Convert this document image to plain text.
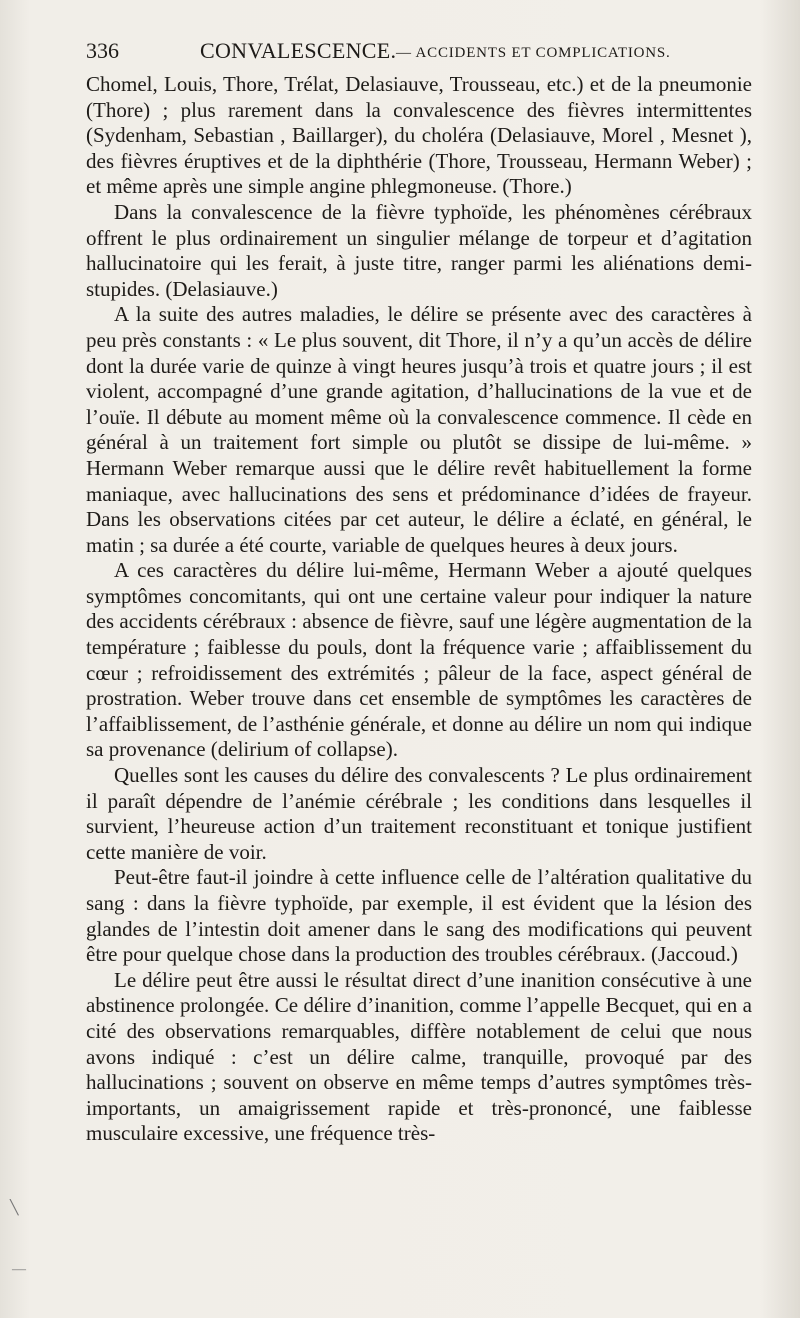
336	CONVALESCENCE. — ACCIDENTS ET COMPLICATIONS.

Chomel, Louis, Thore, Trélat, Delasiauve, Trousseau, etc.) et de la pneumonie (Thore) ; plus rarement dans la convalescence des fièvres intermittentes (Sydenham, Sebastian , Baillarger), du choléra (Delasiauve, Morel , Mesnet ), des fièvres éruptives et de la diphthérie (Thore, Trousseau, Hermann Weber) ; et même après une simple angine phlegmoneuse. (Thore.)

Dans la convalescence de la fièvre typhoïde, les phénomènes cérébraux offrent le plus ordinairement un singulier mélange de torpeur et d’agitation hallucinatoire qui les ferait, à juste titre, ranger parmi les aliénations demi-stupides. (Delasiauve.)

A la suite des autres maladies, le délire se présente avec des caractères à peu près constants : « Le plus souvent, dit Thore, il n’y a qu’un accès de délire dont la durée varie de quinze à vingt heures jusqu’à trois et quatre jours ; il est violent, accompagné d’une grande agitation, d’hallucinations de la vue et de l’ouïe. Il débute au moment même où la convalescence commence. Il cède en général à un traitement fort simple ou plutôt se dissipe de lui-même. » Hermann Weber remarque aussi que le délire revêt habituellement la forme maniaque, avec hallucinations des sens et prédominance d’idées de frayeur. Dans les observations citées par cet auteur, le délire a éclaté, en général, le matin ; sa durée a été courte, variable de quelques heures à deux jours.

A ces caractères du délire lui-même, Hermann Weber a ajouté quelques symptômes concomitants, qui ont une certaine valeur pour indiquer la nature des accidents cérébraux : absence de fièvre, sauf une légère augmentation de la température ; faiblesse du pouls, dont la fréquence varie ; affaiblissement du cœur ; refroidissement des extrémités ; pâleur de la face, aspect général de prostration. Weber trouve dans cet ensemble de symptômes les caractères de l’affaiblissement, de l’asthénie générale, et donne au délire un nom qui indique sa provenance (delirium of collapse).

Quelles sont les causes du délire des convalescents ? Le plus ordinairement il paraît dépendre de l’anémie cérébrale ; les conditions dans lesquelles il survient, l’heureuse action d’un traitement reconstituant et tonique justifient cette manière de voir.

Peut-être faut-il joindre à cette influence celle de l’altération qualitative du sang : dans la fièvre typhoïde, par exemple, il est évident que la lésion des glandes de l’intestin doit amener dans le sang des modifications qui peuvent être pour quelque chose dans la production des troubles cérébraux. (Jaccoud.)

Le délire peut être aussi le résultat direct d’une inanition consécutive à une abstinence prolongée. Ce délire d’inanition, comme l’appelle Becquet, qui en a cité des observations remarquables, diffère notablement de celui que nous avons indiqué : c’est un délire calme, tranquille, provoqué par des hallucinations ; souvent on observe en même temps d’autres symptômes très-importants, un amaigrissement rapide et très-prononcé, une faiblesse musculaire excessive, une fréquence très-

╲
—
